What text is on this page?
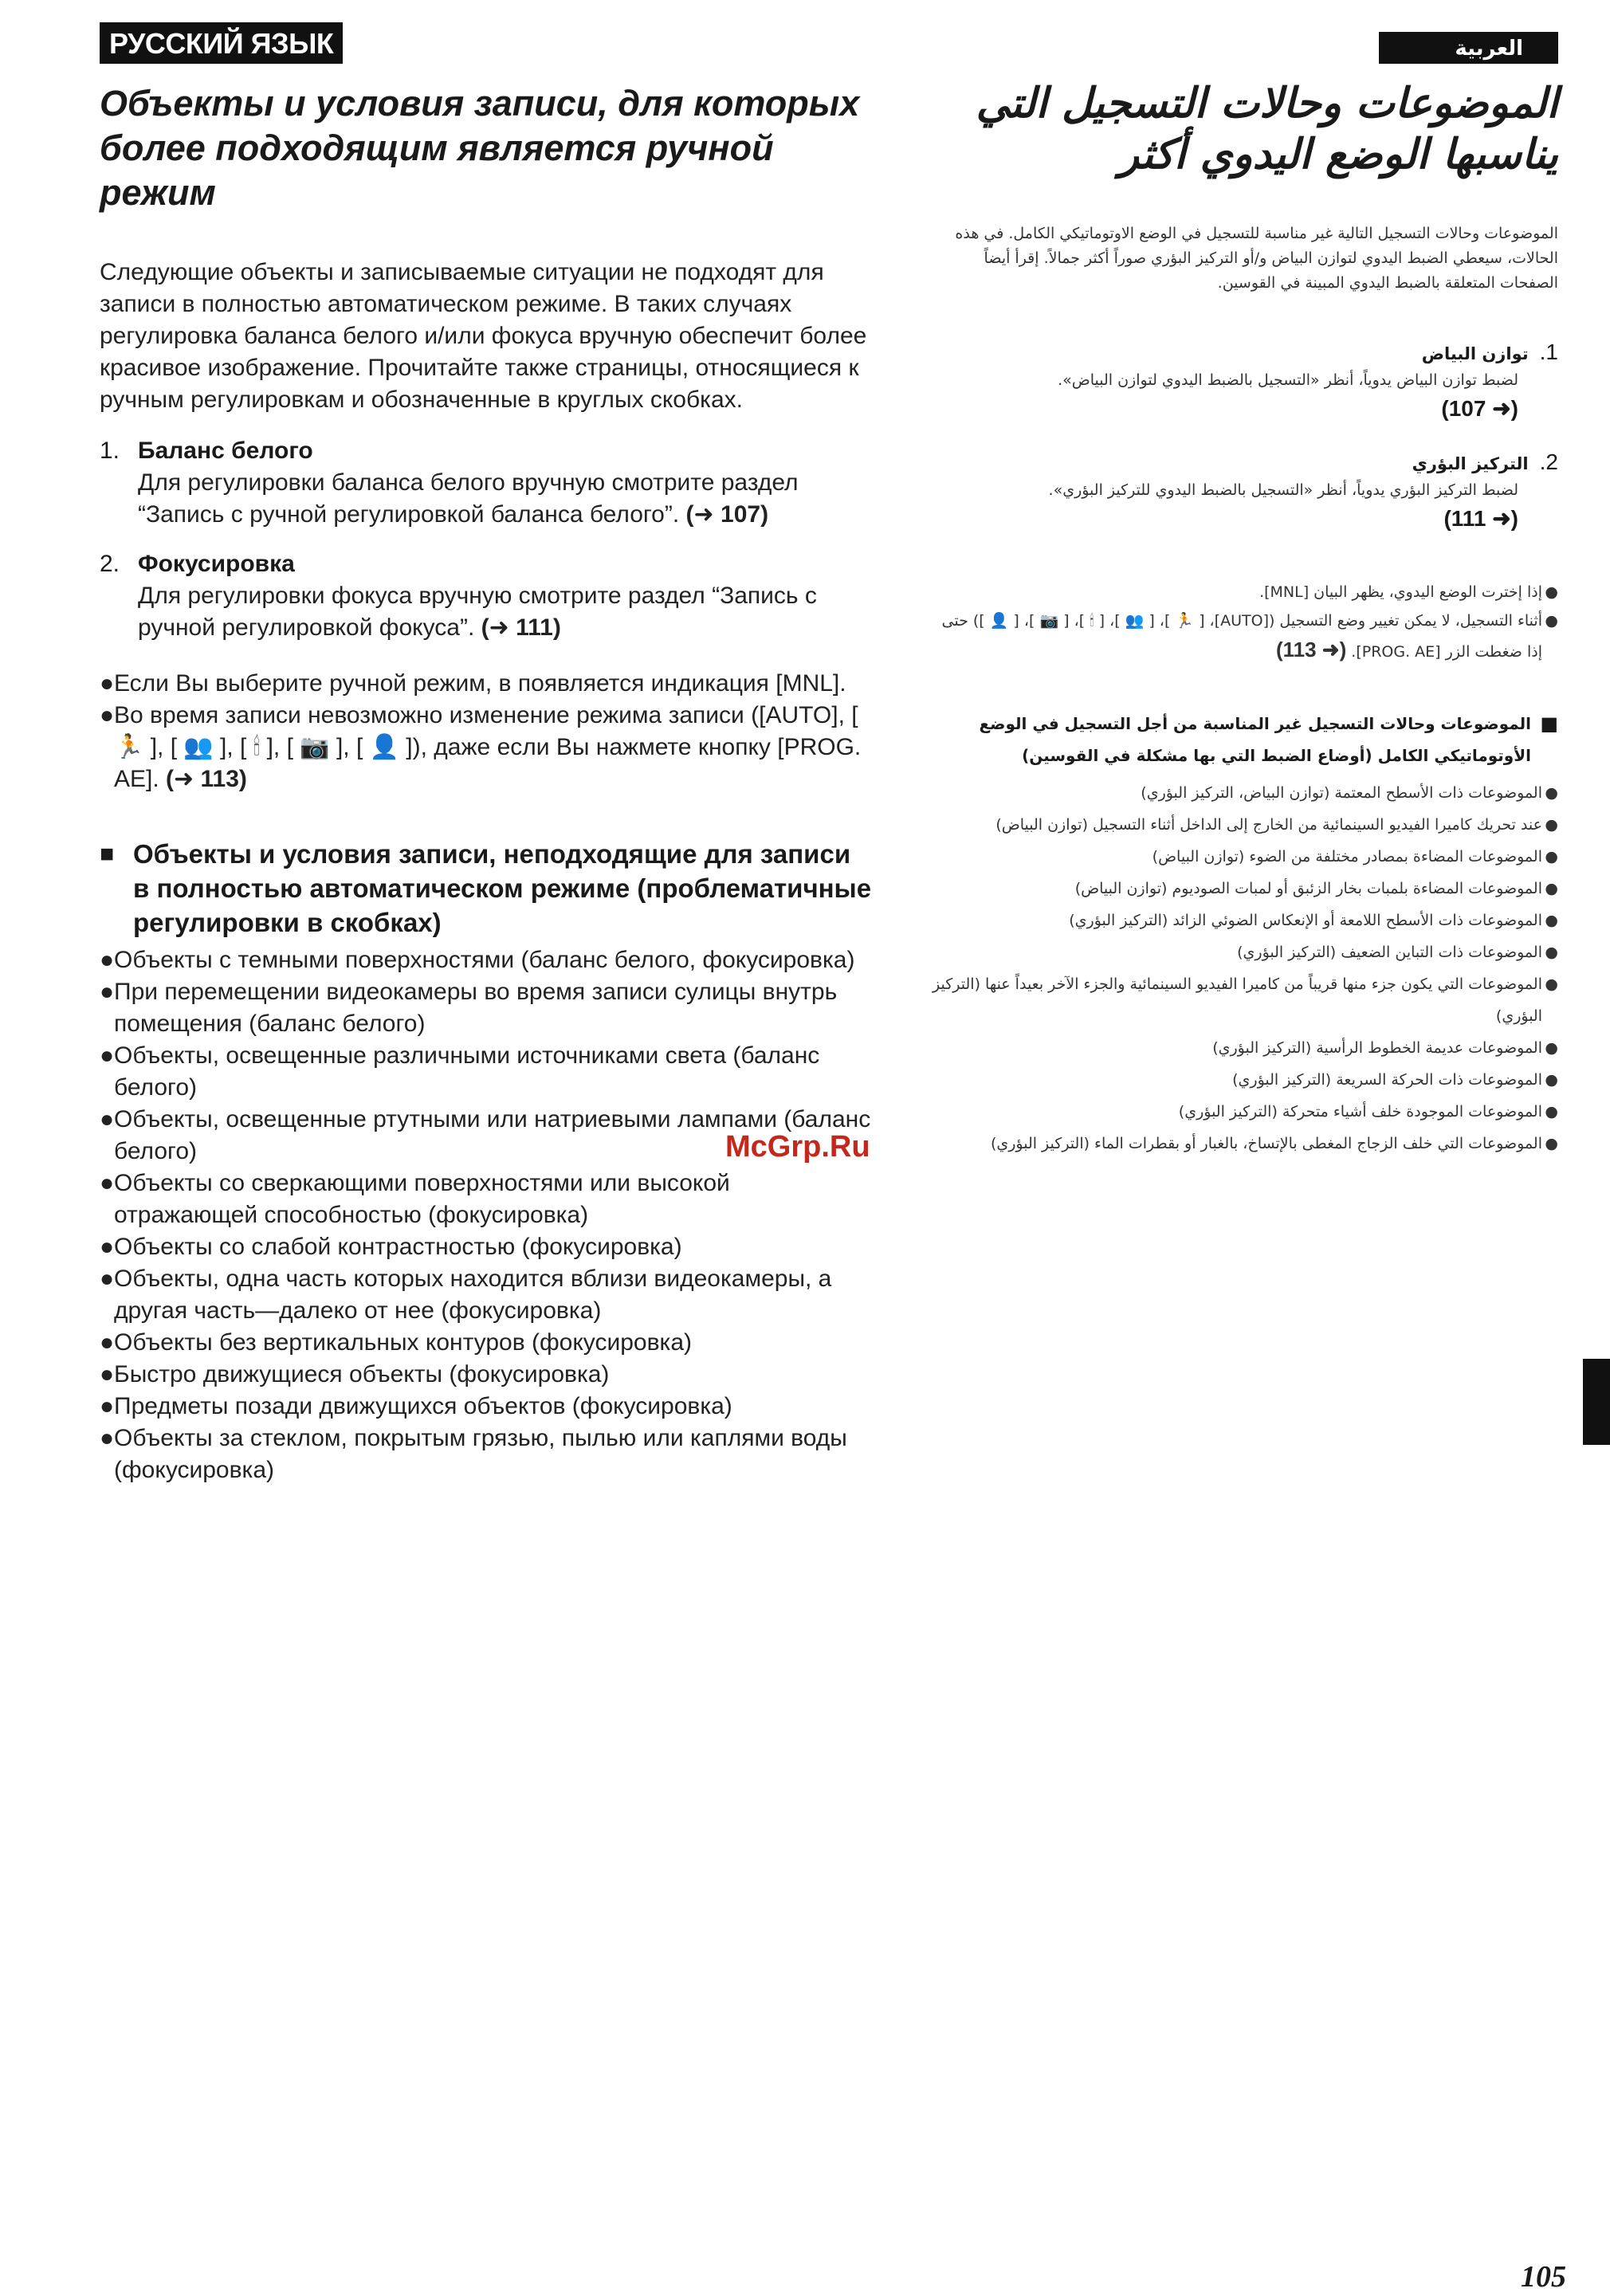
РУССКИЙ ЯЗЫК
Объекты и условия записи, для которых более подходящим является ручной режим

Следующие объекты и записываемые ситуации не подходят для записи в полностью автоматическом режиме. В таких случаях регулировка баланса белого и/или фокуса вручную обеспечит более красивое изображение. Прочитайте также страницы, относящиеся к ручным регулировкам и обозначенные в круглых скобках.

1. Баланс белого
Для регулировки баланса белого вручную смотрите раздел “Запись с ручной регулировкой баланса белого”. (➜ 107)
2. Фокусировка
Для регулировки фокуса вручную смотрите раздел “Запись с ручной регулировкой фокуса”. (➜ 111)
● Если Вы выберите ручной режим, в появляется индикация [MNL].
● Во время записи невозможно изменение режима записи ([AUTO], [ 🏃 ], [ 👥 ], [ 🕯 ], [ 📷 ], [ 👤 ]), даже если Вы нажмете кнопку [PROG. AE]. (➜ 113)
■ Объекты и условия записи, неподходящие для записи в полностью автоматическом режиме (проблематичные регулировки в скобках)
● Объекты с темными поверхностями (баланс белого, фокусировка)
● При перемещении видеокамеры во время записи сулицы внутрь помещения (баланс белого)
● Объекты, освещенные различными источниками света (баланс белого)
● Объекты, освещенные ртутными или натриевыми лампами (баланс белого)
● Объекты со сверкающими поверхностями или высокой отражающей способностью (фокусировка)
● Объекты со слабой контрастностью (фокусировка)
● Объекты, одна часть которых находится вблизи видеокамеры, а другая часть—далеко от нее (фокусировка)
● Объекты без вертикальных контуров (фокусировка)
● Быстро движущиеся объекты (фокусировка)
● Предметы позади движущихся объектов (фокусировка)
● Объекты за стеклом, покрытым грязью, пылью или каплями воды (фокусировка)
العربية
الموضوعات وحالات التسجيل التي يناسبها الوضع اليدوي أكثر
الموضوعات وحالات التسجيل التالية غير مناسبة للتسجيل في الوضع الاوتوماتيكي الكامل. في هذه الحالات، سيعطي الضبط اليدوي لتوازن البياض و/أو التركيز البؤري صوراً أكثر جمالاً. إقرأ أيضاً الصفحات المتعلقة بالضبط اليدوي المبينة في القوسين.
1.توازن البياض
لضبط توازن البياض يدوياً، أنظر «التسجيل بالضبط اليدوي لتوازن البياض».
(➜ 107)
2.التركيز البؤري
لضبط التركيز البؤري يدوياً، أنظر «التسجيل بالضبط اليدوي للتركيز البؤري».
(➜ 111)
●
إذا إخترت الوضع اليدوي، يظهر البيان [MNL].
●
أثناء التسجيل، لا يمكن تغيير وضع التسجيل ([AUTO]، [ 🏃 ]، [ 👥 ]، [ 🕯 ]، [ 📷 ]، [ 👤 ]) حتى إذا ضغطت الزر [PROG. AE]. (➜ 113)
■
الموضوعات وحالات التسجيل غير المناسبة من أجل التسجيل في الوضع الأوتوماتيكي الكامل (أوضاع الضبط التي بها مشكلة في القوسين)
●
الموضوعات ذات الأسطح المعتمة (توازن البياض، التركيز البؤري)
●
عند تحريك كاميرا الفيديو السينمائية من الخارج إلى الداخل أثناء التسجيل (توازن البياض)
●
الموضوعات المضاءة بمصادر مختلفة من الضوء (توازن البياض)
●
الموضوعات المضاءة بلمبات بخار الزئبق أو لمبات الصوديوم (توازن البياض)
●
الموضوعات ذات الأسطح اللامعة أو الإنعكاس الضوئي الزائد (التركيز البؤري)
●
الموضوعات ذات التباين الضعيف (التركيز البؤري)
●
الموضوعات التي يكون جزء منها قريباً من كاميرا الفيديو السينمائية والجزء الآخر بعيداً عنها (التركيز البؤري)
●
الموضوعات عديمة الخطوط الرأسية (التركيز البؤري)
●
الموضوعات ذات الحركة السريعة (التركيز البؤري)
●
الموضوعات الموجودة خلف أشياء متحركة (التركيز البؤري)
●
الموضوعات التي خلف الزجاج المغطى بالإتساخ، بالغبار أو بقطرات الماء (التركيز البؤري)
McGrp.Ru
105
